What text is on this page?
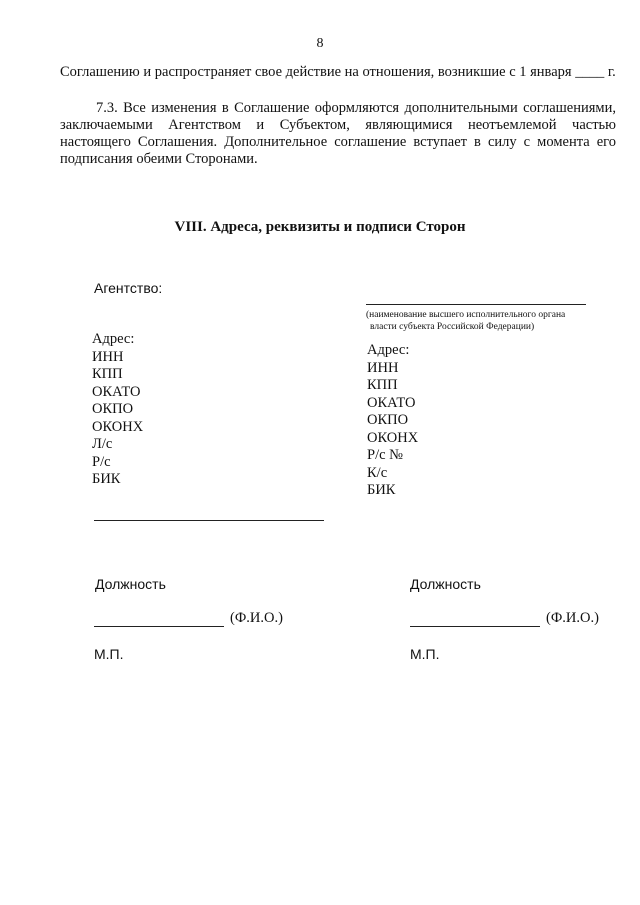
8

Соглашению и распространяет свое действие на отношения, возникшие с 1 января ____ г.

7.3. Все изменения в Соглашение оформляются дополнительными соглашениями, заключаемыми Агентством и Субъектом, являющимися неотъемлемой частью настоящего Соглашения. Дополнительное соглашение вступает в силу с момента его подписания обеими Сторонами.

VIII. Адреса, реквизиты и подписи Сторон
Агентство:
Адрес:
ИНН
КПП
ОКАТО
ОКПО
ОКОНХ
Л/с
Р/с
БИК
(наименование высшего исполнительного органа
власти субъекта Российской Федерации)
Адрес:
ИНН
КПП
ОКАТО
ОКПО
ОКОНХ
Р/с №
К/с
БИК
Должность	Должность
(Ф.И.О.)	(Ф.И.О.)
М.П.	М.П.
